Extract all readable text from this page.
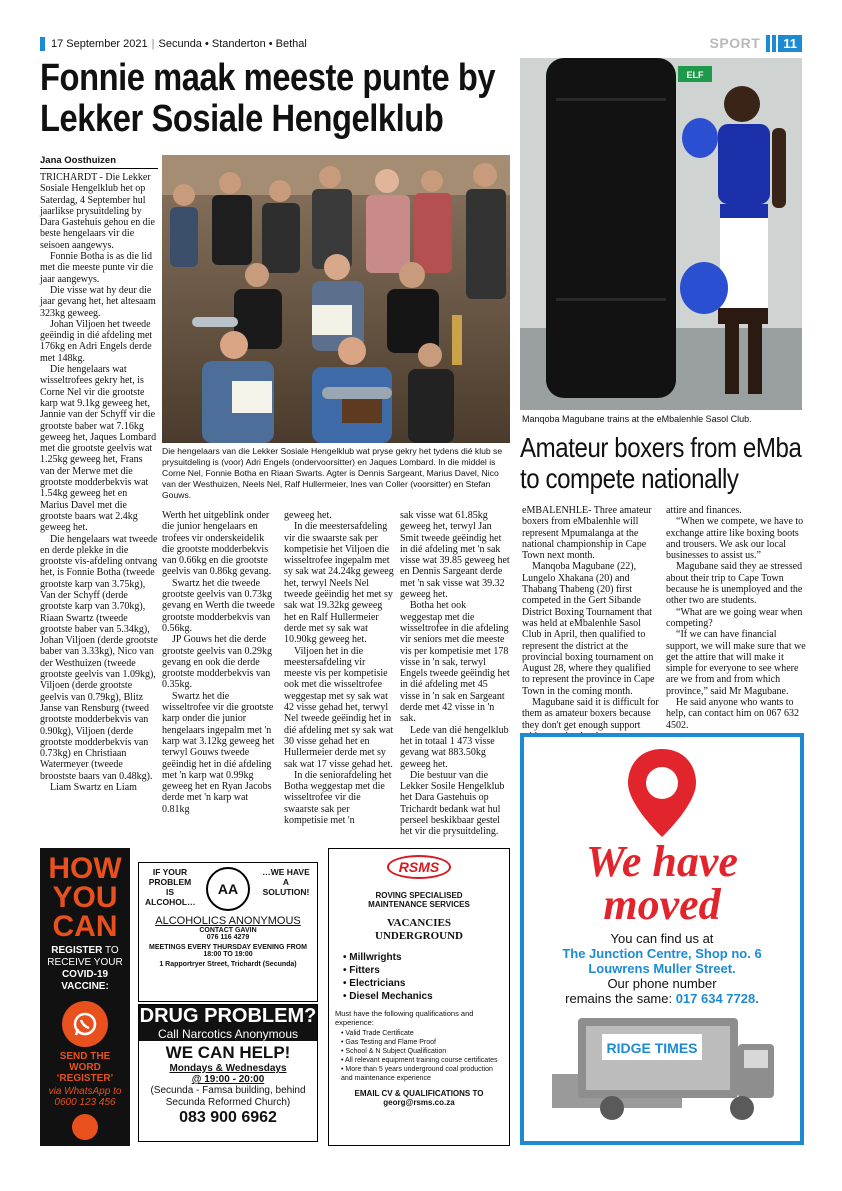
17 September 2021 | Secunda • Standerton • Bethal	SPORT	11
Fonnie maak meeste punte by Lekker Sosiale Hengelklub
Jana Oosthuizen

TRICHARDT - Die Lekker Sosiale Hengelklub het op Saterdag, 4 September hul jaarlikse prysuitdeling by Dara Gastehuis gehou en die beste hengelaars vir die seisoen aangewys.

Fonnie Botha is as die lid met die meeste punte vir die jaar aangewys.

Die visse wat hy deur die jaar gevang het, het altesaam 323kg geweeg.

Johan Viljoen het tweede geëindig in dié afdeling met 176kg en Adri Engels derde met 148kg.

Die hengelaars wat wisseltrofees gekry het, is Corne Nel vir die grootste karp wat 9.1kg geweeg het, Jannie van der Schyff vir die grootste baber wat 7.16kg geweeg het, Jaques Lombard met die grootste geelvis wat 1.25kg geweeg het, Frans van der Merwe met die grootste modderbekvis wat 1.54kg geweeg het en Marius Davel met die grootste baars wat 2.4kg geweeg het.

Die hengelaars wat tweede en derde plekke in die grootste vis-afdeling ontvang het, is Fonnie Botha (tweede grootste karp van 3.75kg), Van der Schyff (derde grootste karp van 3.70kg), Riaan Swartz (tweede grootste baber van 5.34kg), Johan Viljoen (derde grootste baber van 3.33kg), Nico van der Westhuizen (tweede grootste geelvis van 1.09kg), Viljoen (derde grootste geelvis van 0.79kg), Blitz Janse van Rensburg (tweed grootste modderbekvis van 0.90kg), Viljoen (derde grootste modderbekvis van 0.73kg) en Christiaan Watermeyer (tweede broostste baars van 0.48kg).

Liam Swartz en Liam

Die hengelaars van die Lekker Sosiale Hengelklub wat pryse gekry het tydens dié klub se prysuitdeling is (voor) Adri Engels (ondervoorsitter) en Jaques Lombard. In die middel is Corne Nel, Fonnie Botha en Riaan Swarts. Agter is Dennis Sargeant, Marius Davel, Nico van der Westhuizen, Neels Nel, Ralf Hullermeier, Ines van Coller (voorsitter) en Stefan Gouws.

Werth het uitgeblink onder die junior hengelaars en trofees vir onderskeidelik die grootste modderbekvis van 0.66kg en die grootste geelvis van 0.86kg gevang.

Swartz het die tweede grootste geelvis van 0.73kg gevang en Werth die tweede grootste modderbekvis van 0.56kg.

JP Gouws het die derde grootste geelvis van 0.29kg gevang en ook die derde grootste modderbekvis van 0.35kg.

Swartz het die wisseltrofee vir die grootste karp onder die junior hengelaars ingepalm met 'n karp wat 3.12kg geweeg het terwyl Gouws tweede geëindig het in dié afdeling met 'n karp wat 0.99kg geweeg het en Ryan Jacobs derde met 'n karp wat 0.81kg

geweeg het.

In die meestersafdeling vir die swaarste sak per kompetisie het Viljoen die wisseltrofee ingepalm met sy sak wat 24.24kg geweeg het, terwyl Neels Nel tweede geëindig het met sy sak wat 19.32kg geweeg het en Ralf Hullermeier derde met sy sak wat 10.90kg geweeg het.

Viljoen het in die meestersafdeling vir meeste vis per kompetisie ook met die wisseltrofee weggestap met sy sak wat 42 visse gehad het, terwyl Nel tweede geëindig het in dié afdeling met sy sak wat 30 visse gehad het en Hullermeier derde met sy sak wat 17 visse gehad het.

In die seniorafdeling het Botha weggestap met die wisseltrofee vir die swaarste sak per kompetisie met 'n

sak visse wat 61.85kg geweeg het, terwyl Jan Smit tweede geëindig het in dié afdeling met 'n sak visse wat 39.85 geweeg het en Dennis Sargeant derde met 'n sak visse wat 39.32 geweeg het.

Botha het ook weggestap met die wisseltrofee in die afdeling vir seniors met die meeste vis per kompetisie met 178 visse in 'n sak, terwyl Engels tweede geëindig het in dié afdeling met 45 visse in 'n sak en Sargeant derde met 42 visse in 'n sak.

Lede van dié hengelklub het in totaal 1 473 visse gevang wat 883.50kg geweeg het.

Die bestuur van die Lekker Sosile Hengelklub het Dara Gastehuis op Trichardt bedank wat hul perseel beskikbaar gestel het vir die prysuitdeling.

ELF
Manqoba Magubane trains at the eMbalenhle Sasol Club.
Amateur boxers from eMba to compete nationally

eMBALENHLE- Three amateur boxers from eMbalenhle will represent Mpumalanga at the national championship in Cape Town next month.

Manqoba Magubane (22), Lungelo Xhakana (20) and Thabang Thabeng (20) first competed in the Gert Sibande District Boxing Tournament that was held at eMbalenhle Sasol Club in April, then qualified to represent the district at the provincial boxing tournament on August 28, where they qualified to represent the province in Cape Town in the coming month.

Magubane said it is difficult for them as amateur boxers because they don't get enough support

attire and finances.

“When we compete, we have to exchange attire like boxing boots and trousers. We ask our local businesses to assist us.”

Magubane said they ae stressed about their trip to Cape Town because he is unemployed and the other two are students.

“What are we going wear when competing?

“If we can have financial support, we will make sure that we get the attire that will make it simple for everyone to see where are we from and from which province,” said Mr Magubane.

He said anyone who wants to help, can contact him on 067 632 4502.

HOW
YOU
CAN
REGISTER TO
RECEIVE YOUR
COVID-19 VACCINE:
SEND THE WORD ‘REGISTER’
via WhatsApp to 0600 123 456
IF YOUR PROBLEM IS ALCOHOL…
AA
…WE HAVE A SOLUTION!
ALCOHOLICS ANONYMOUS
CONTACT GAVIN
076 116 4279
MEETINGS EVERY THURSDAY EVENING FROM 18:00 TO 19:00
1 Rapportryer Street, Trichardt (Secunda)
DRUG PROBLEM?
Call Narcotics Anonymous
WE CAN HELP!
Mondays & Wednesdays
@ 19:00 - 20:00
(Secunda - Famsa building, behind Secunda Reformed Church)
083 900 6962
RSMS
ROVING SPECIALISED MAINTENANCE SERVICES
VACANCIES UNDERGROUND
• Millwrights
• Fitters
• Electricians
• Diesel Mechanics
Must have the following qualifications and experience:
• Valid Trade Certificate
• Gas Testing and Flame Proof
• School & N Subject Qualification
• All relevant equipment training course certificates
• More than 5 years underground coal production and maintenance experience
EMAIL CV & QUALIFICATIONS TO
georg@rsms.co.za
We have
moved
You can find us at
The Junction Centre, Shop no. 6
Louwrens Muller Street.
Our phone number
remains the same: 017 634 7728.
RIDGE TIMES
